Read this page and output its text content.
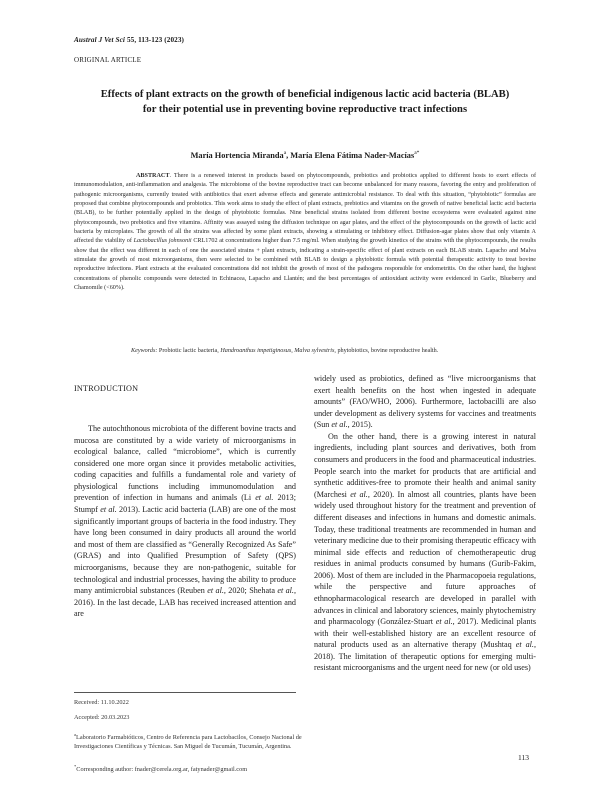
Austral J Vet Sci 55, 113-123 (2023)
ORIGINAL ARTICLE
Effects of plant extracts on the growth of beneficial indigenous lactic acid bacteria (BLAB) for their potential use in preventing bovine reproductive tract infections
María Hortencia Miranda$^a$, María Elena Fátima Nader-Macías$^{a*}$
ABSTRACT. There is a renewed interest in products based on phytocompounds, prebiotics and probiotics applied to different hosts to exert effects of immunomodulation, anti-inflammation and analgesia. The microbiome of the bovine reproductive tract can become unbalanced for many reasons, favoring the entry and proliferation of pathogenic microorganisms, currently treated with antibiotics that exert adverse effects and generate antimicrobial resistance. To deal with this situation, “phytobiotic” formulas are proposed that combine phytocompounds and probiotics. This work aims to study the effect of plant extracts, prebiotics and vitamins on the growth of native beneficial lactic acid bacteria (BLAB), to be further potentially applied in the design of phytobiotic formulas. Nine beneficial strains isolated from different bovine ecosystems were evaluated against nine phytocompounds, two prebiotics and five vitamins. Affinity was assayed using the diffusion technique on agar plates, and the effect of the phytocompounds on the growth of lactic acid bacteria by microplates. The growth of all the strains was affected by some plant extracts, showing a stimulating or inhibitory effect. Diffusion-agar plates show that only vitamin A affected the viability of Lactobacillus johnsonii CRL1702 at concentrations higher than 7.5 mg/ml. When studying the growth kinetics of the strains with the phytocompounds, the results show that the effect was different in each of one the associated strains + plant extracts, indicating a strain-specific effect of plant extracts on each BLAB strain. Lapacho and Malva stimulate the growth of most microorganisms, then were selected to be combined with BLAB to design a phytobiotic formula with potential therapeutic activity to treat bovine reproductive infections. Plant extracts at the evaluated concentrations did not inhibit the growth of most of the pathogens responsible for endometritis. On the other hand, the highest concentrations of phenolic compounds were detected in Echinacea, Lapacho and Llantén; and the best percentages of antioxidant activity were evidenced in Garlic, Blueberry and Chamomile (<60%).
Keywords: Probiotic lactic bacteria, Handroanthus impetiginosus, Malva sylvestris, phytobiotics, bovine reproductive health.
INTRODUCTION

The autochthonous microbiota of the different bovine tracts and mucosa are constituted by a wide variety of microorganisms in ecological balance, called “microbiome”, which is currently considered one more organ since it provides metabolic activities, coding capacities and fulfills a fundamental role and variety of physiological functions including immunomodulation and prevention of infection in humans and animals (Li et al. 2013; Stumpf et al. 2013). Lactic acid bacteria (LAB) are one of the most significantly important groups of bacteria in the food industry. They have long been consumed in dairy products all around the world and most of them are classified as “Generally Recognized As Safe” (GRAS) and into Qualified Presumption of Safety (QPS) microorganisms, because they are non-pathogenic, suitable for technological and industrial processes, having the ability to produce many antimicrobial substances (Reuben et al., 2020; Shehata et al., 2016). In the last decade, LAB has received increased attention and are

widely used as probiotics, defined as “live microorganisms that exert health benefits on the host when ingested in adequate amounts” (FAO/WHO, 2006). Furthermore, lactobacilli are also under development as delivery systems for vaccines and treatments (Sun et al., 2015).

On the other hand, there is a growing interest in natural ingredients, including plant sources and derivatives, both from consumers and producers in the food and pharmaceutical industries. People search into the market for products that are artificial and synthetic additives-free to promote their health and animal sanity (Marchesi et al., 2020). In almost all countries, plants have been widely used throughout history for the treatment and prevention of different diseases and infections in humans and domestic animals. Today, these traditional treatments are recommended in human and veterinary medicine due to their promising therapeutic efficacy with minimal side effects and reduction of chemotherapeutic drug residues in animal products consumed by humans (Gurib-Fakim, 2006). Most of them are included in the Pharmacopoeia regulations, while the perspective and future approaches of ethnopharmacological research are developed in parallel with advances in clinical and laboratory sciences, mainly phytochemistry and pharmacology (González-Stuart et al., 2017). Medicinal plants with their well-established history are an excellent resource of natural products used as an alternative therapy (Mushtaq et al., 2018). The limitation of therapeutic options for emerging multi-resistant microorganisms and the urgent need for new (or old uses)

Received: 11.10.2022
Accepted: 20.03.2023
$^a$Laboratorio Farmabióticos, Centro de Referencia para Lactobacilos, Consejo Nacional de Investigaciones Científicas y Técnicas. San Miguel de Tucumán, Tucumán, Argentina.
*Corresponding author: fnader@cerela.org.ar, fatynader@gmail.com
113
